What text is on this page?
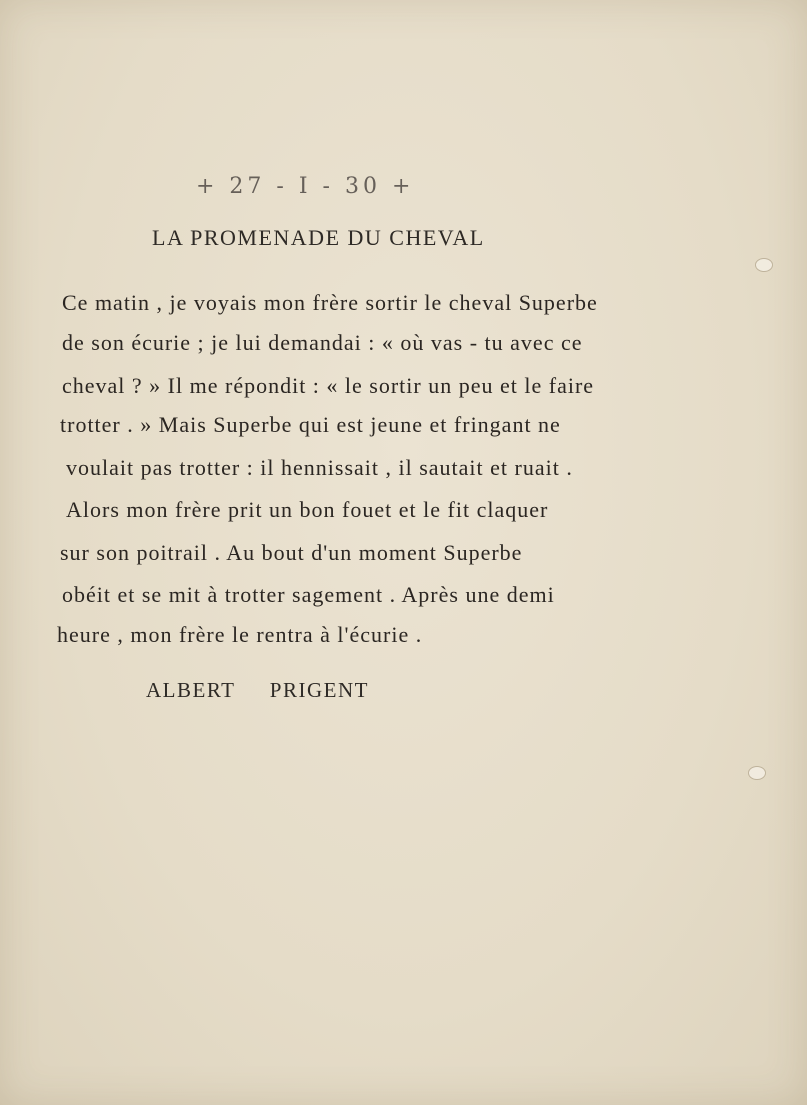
+ 27 - I - 30 +
LA PROMENADE DU CHEVAL
Ce matin , je voyais mon frère sortir le cheval Superbe
de son écurie ; je lui demandai : « où vas - tu avec ce
cheval ? » Il me répondit : « le sortir un peu et le faire
trotter . » Mais Superbe qui est jeune et fringant ne
voulait pas trotter : il hennissait , il sautait et ruait .
Alors mon frère prit un bon fouet et le fit claquer
sur son poitrail . Au bout d'un moment Superbe
obéit et se mit à trotter sagement . Après une demi
heure , mon frère le rentra à l'écurie .
ALBERT PRIGENT
